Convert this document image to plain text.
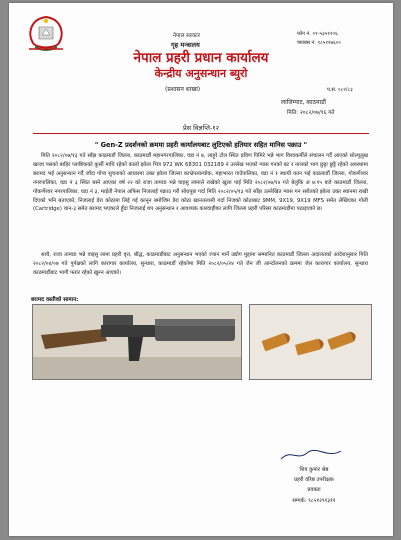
नेपाल सरकार
गृह मन्त्रालय
नेपाल प्रहरी प्रधान कार्यालय
केन्द्रीय अनुसन्धान ब्युरो
(प्रशासन शाखा)
फोन नं. ०१-५३५१२०६
फ्याक्स नं. ९८५१२७६००
प.सं. ०८२/८३
लाजिम्पाट, काठमाडौं
मिति: २०८२/०७/१६ गते
प्रेस विज्ञप्ति-१२
" Gen-Z प्रदर्शनको क्रममा प्रहरी कार्यालयबाट लुटिएको हतियार सहित मानिस पक्राउ "
मिति २०८२/०७/१३ गते साँझ काठमाडौं जिल्ला, काठमाडौं महानगरपालिका, वडा नं ७, लाहुरे टोल स्थित प्रविण पिमिरे भन्ने भाग विश्वकर्मीले संचालन गर्दै आएको सोल्यूलुख खाजा पसको बाहिर प्लाष्टिकको कुर्सी माथि रहेको कालो झोला भित्र 972 WK 68301 032189 नं उल्लेख भएको ग्यास गनको बट र नालको भाग छुट्टा छुट्टै रहेको अवस्थामा बरामद भई अनुसन्धान गर्दै जाँदा गोप्य सुचनाको आधारमा उक्त झोला जिल्ला काभ्रेपलान्चोक, महाभारत गाउँपालिका, वडा नं १ स्थायी वतन भई काठमाडौं जिल्ला, गोकर्णेश्वर नगरपालिका, वडा नं ३ स्थित बस्ने आएका वर्ष २२ को राजा तामाङ भन्ने वाइसु लामाले राखेको खुला पाई मिति २०८२/०७/१४ गते बेलुकि अं ७:१५ बजे काठमाडौं जिल्ला, गोकर्णेश्वर नगरपालिका, वडा नं ३, माईती नेपाल अफिस निजलाई पक्राउ गरी सोधपुछ गर्दा मिति २०८२/०५/१३ गते सोँझ उल्लेखित ग्यास गन सशैतको झोला उक्त स्थानमा राखी दिएको भनि बताएको, निजलाई डेरा कोठामा लिई गई कानून बमोजिम डेरा कोठा खानतलासी गर्दा निजको कोठाबाट 9MM, 9X19, 9X19 MFS समेत लेखिएका गोली (Cartridge) थान-३ समेत बरामद भएकाले हुँदा निजलाई थप अनुसन्धान र आवश्यक कारवाहीका लागि जिल्ला प्रहरी परिसर काठमाडौंमा पठाइएको छ।
साथै, राजा तामाङ भन्ने वाइसु लामा प्रहरी वृत्त, बौद्ध, काठमाडौंबाट अनुसन्धान भएको ज्यान मार्ने उद्योग मुद्दामा सम्मानित काठमाडौं जिल्ला अदालतको आदेशानुसार मिति २०८२/०४/०७ गते पुर्पक्षको लागि कारागार कार्यालय, सुन्धारा, काठमाडौं रहेकोमा मिति २०८२/०५/२४ गते जेन जी आन्दोलनको क्रममा जेल कारागार कार्यालय, सुन्धारा काठमाडौंबाट भागी फरार रहेको खुल्न आएको।
बरामद वस्तीको सामान:
शिव कुमार श्रेष्ठ
प्रहरी वरिष्ठ उपरीक्षक
प्रवक्ता
सम्पर्क: ९८५१२९१३११
